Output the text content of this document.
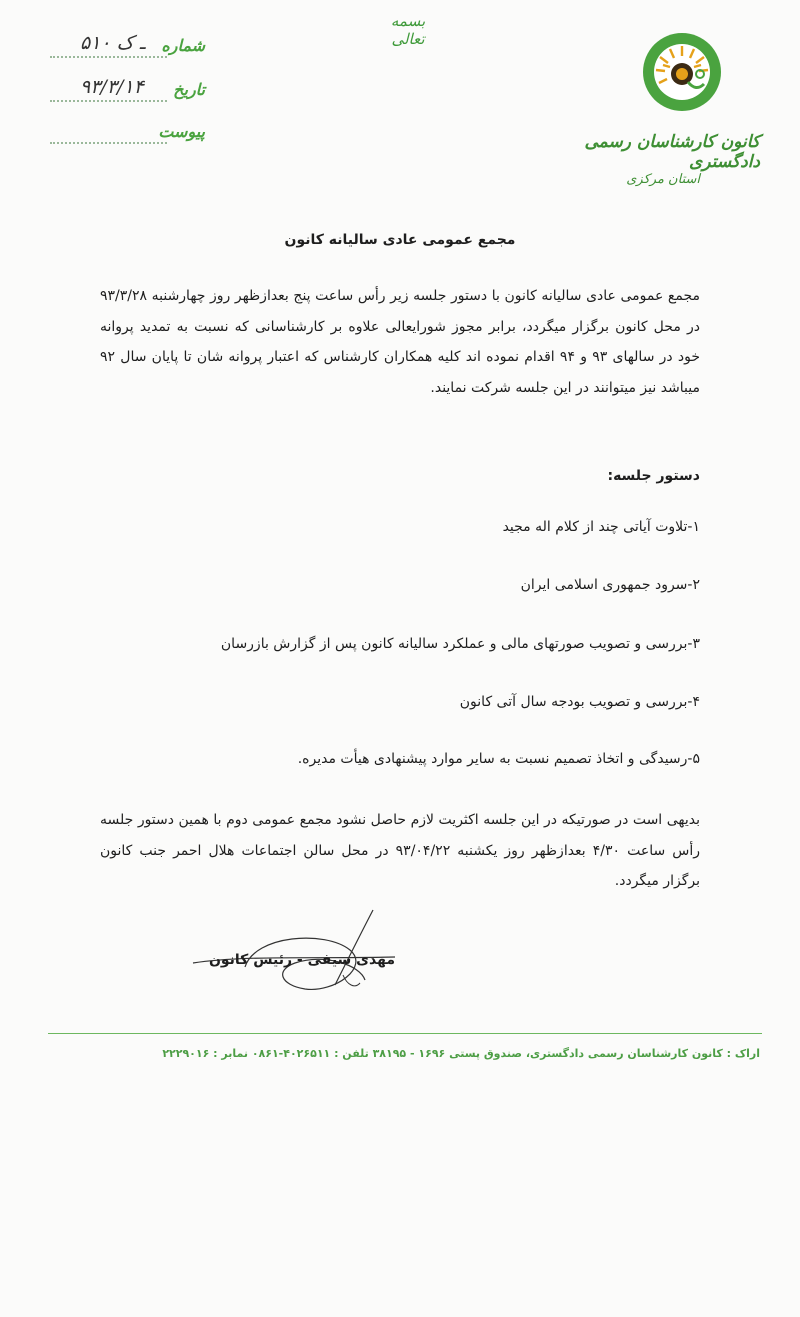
بسمه تعالی
شماره
۵۱۰ ـ ک
تاریخ
۹۳/۳/۱۴
پیوست
کانون کارشناسان رسمی دادگستری
استان مرکزی
مجمع عمومی عادی سالیانه کانون
مجمع عمومی عادی سالیانه کانون با دستور جلسه زیر رأس ساعت پنج بعدازظهر روز چهارشنبه ۹۳/۳/۲۸ در محل کانون برگزار میگردد، برابر مجوز شورایعالی علاوه بر کارشناسانی که نسبت به تمدید پروانه خود در سالهای ۹۳ و ۹۴ اقدام نموده اند کلیه همکاران کارشناس که اعتبار پروانه شان تا پایان سال ۹۲ میباشد نیز میتوانند در این جلسه شرکت نمایند.
دستور جلسه:
۱-تلاوت آیاتی چند از کلام اله مجید
۲-سرود جمهوری اسلامی ایران
۳-بررسی و تصویب صورتهای مالی و عملکرد سالیانه کانون پس از گزارش بازرسان
۴-بررسی و تصویب بودجه سال آتی کانون
۵-رسیدگی و اتخاذ تصمیم نسبت به سایر موارد پیشنهادی هیأت مدیره.
بدیهی است در صورتیکه در این جلسه اکثریت لازم حاصل نشود مجمع عمومی دوم با همین دستور جلسه رأس ساعت ۴/۳۰ بعدازظهر روز یکشنبه ۹۳/۰۴/۲۲ در محل سالن اجتماعات هلال احمر جنب کانون برگزار میگردد.
مهدی سیفی - رئیس کانون
اراک : کانون کارشناسان رسمی دادگستری، صندوق پستی ۱۶۹۶ - ۳۸۱۹۵ تلفن : ۴۰۲۶۵۱۱-۰۸۶۱ نمابر : ۲۲۲۹۰۱۶
